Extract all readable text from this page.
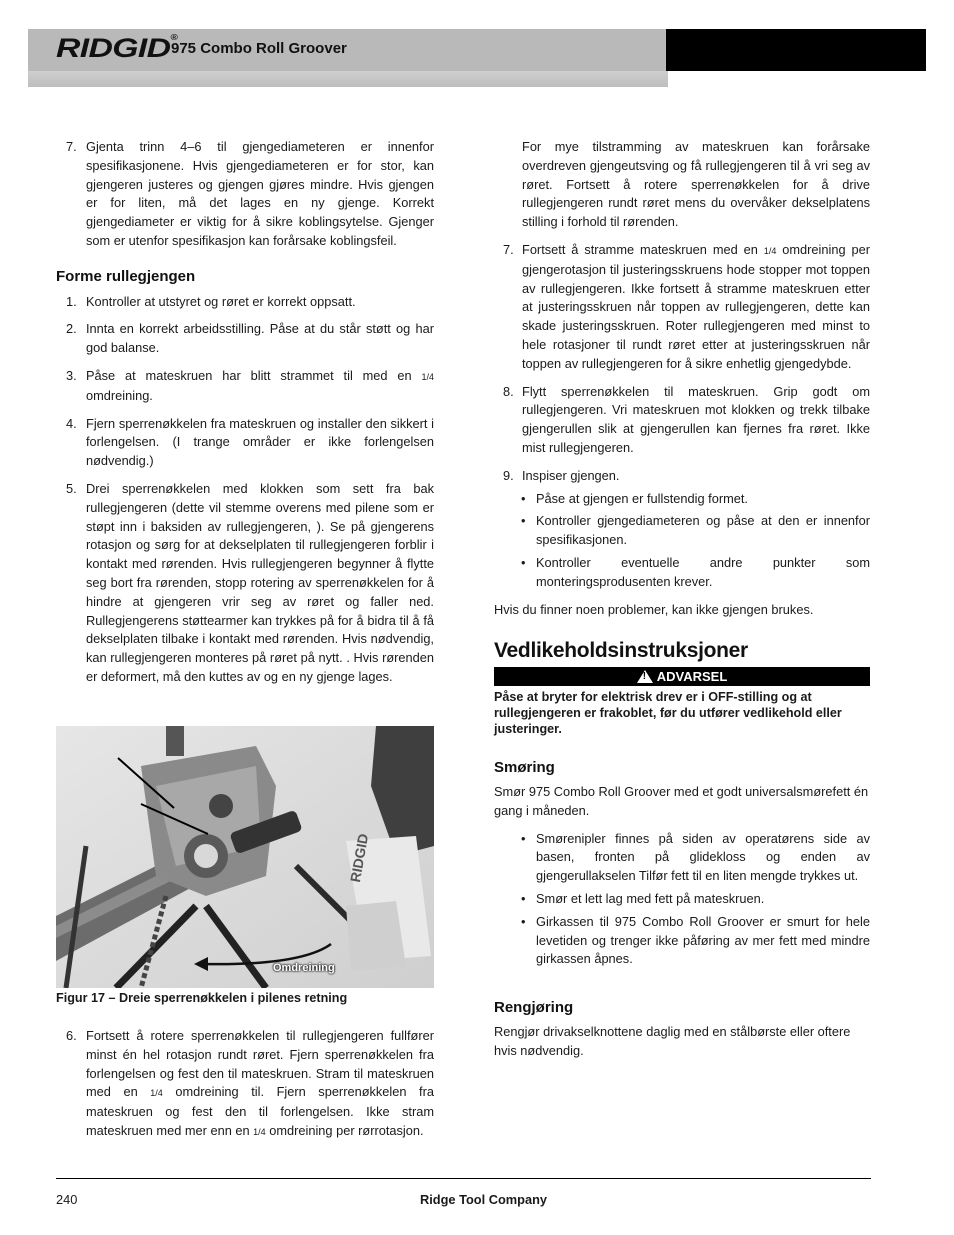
RIDGID®
975 Combo Roll Groover
7. Gjenta trinn 4–6 til gjengediameteren er innenfor spesifikasjonene. Hvis gjengediameteren er for stor, kan gjengeren justeres og gjengen gjøres mindre. Hvis gjengen er for liten, må det lages en ny gjenge. Korrekt gjengediameter er viktig for å sikre koblingsytelse. Gjenger som er utenfor spesifikasjon kan forårsake koblingsfeil.
Forme rullegjengen
1. Kontroller at utstyret og røret er korrekt oppsatt.
2. Innta en korrekt arbeidsstilling. Påse at du står støtt og har god balanse.
3. Påse at mateskruen har blitt strammet til med en 1/4 omdreining.
4. Fjern sperrenøkkelen fra mateskruen og installer den sikkert i forlengelsen. (I trange områder er ikke forlengelsen nødvendig.)
5. Drei sperrenøkkelen med klokken som sett fra bak rullegjengeren (dette vil stemme overens med pilene som er støpt inn i baksiden av rullegjengeren, ). Se på gjengerens rotasjon og sørg for at dekselplaten til rullegjengeren forblir i kontakt med rørenden. Hvis rullegjengeren begynner å flytte seg bort fra rørenden, stopp rotering av sperrenøkkelen for å hindre at gjengeren vrir seg av røret og faller ned. Rullegjengerens støttearmer kan trykkes på for å bidra til å få dekselplaten tilbake i kontakt med rørenden. Hvis nødvendig, kan rullegjengeren monteres på røret på nytt. . Hvis rørenden er deformert, må den kuttes av og en ny gjenge lages.
RIDGID
Omdreining
Figur 17 – Dreie sperrenøkkelen i pilenes retning
6. Fortsett å rotere sperrenøkkelen til rullegjengeren fullfører minst én hel rotasjon rundt røret. Fjern sperrenøkkelen fra forlengelsen og fest den til mateskruen. Stram til mateskruen med en 1/4 omdreining til. Fjern sperrenøkkelen fra mateskruen og fest den til forlengelsen. Ikke stram mateskruen med mer enn en 1/4 omdreining per rørrotasjon.

For mye tilstramming av mateskruen kan forårsake overdreven gjengeutsving og få rullegjengeren til å vri seg av røret. Fortsett å rotere sperrenøkkelen for å drive rullegjengeren rundt røret mens du overvåker dekselplatens stilling i forhold til rørenden.

7. Fortsett å stramme mateskruen med en 1/4 omdreining per gjengerotasjon til justeringsskruens hode stopper mot toppen av rullegjengeren. Ikke fortsett å stramme mateskruen etter at justeringsskruen når toppen av rullegjengeren, dette kan skade justeringsskruen. Roter rullegjengeren med minst to hele rotasjoner til rundt røret etter at justeringsskruen når toppen av rullegjengeren for å sikre enhetlig gjengedybde.
8. Flytt sperrenøkkelen til mateskruen. Grip godt om rullegjengeren. Vri mateskruen mot klokken og trekk tilbake gjengerullen slik at gjengerullen kan fjernes fra røret. Ikke mist rullegjengeren.
9. Inspiser gjengen.
• Påse at gjengen er fullstendig formet.
• Kontroller gjengediameteren og påse at den er innenfor spesifikasjonen.
• Kontroller eventuelle andre punkter som monteringsprodusenten krever.

Hvis du finner noen problemer, kan ikke gjengen brukes.

Vedlikeholdsinstruksjoner
! ADVARSEL
Påse at bryter for elektrisk drev er i OFF-stilling og at rullegjengeren er frakoblet, før du utfører vedlikehold eller justeringer.
Smøring

Smør 975 Combo Roll Groover med et godt universalsmørefett én gang i måneden.

• Smørenipler finnes på siden av operatørens side av basen, fronten på glidekloss og enden av gjengerullakselen Tilfør fett til en liten mengde trykkes ut.
• Smør et lett lag med fett på mateskruen.
• Girkassen til 975 Combo Roll Groover er smurt for hele levetiden og trenger ikke påføring av mer fett med mindre girkassen åpnes.
Rengjøring

Rengjør drivakselknottene daglig med en stålbørste eller oftere hvis nødvendig.

240	Ridge Tool Company
